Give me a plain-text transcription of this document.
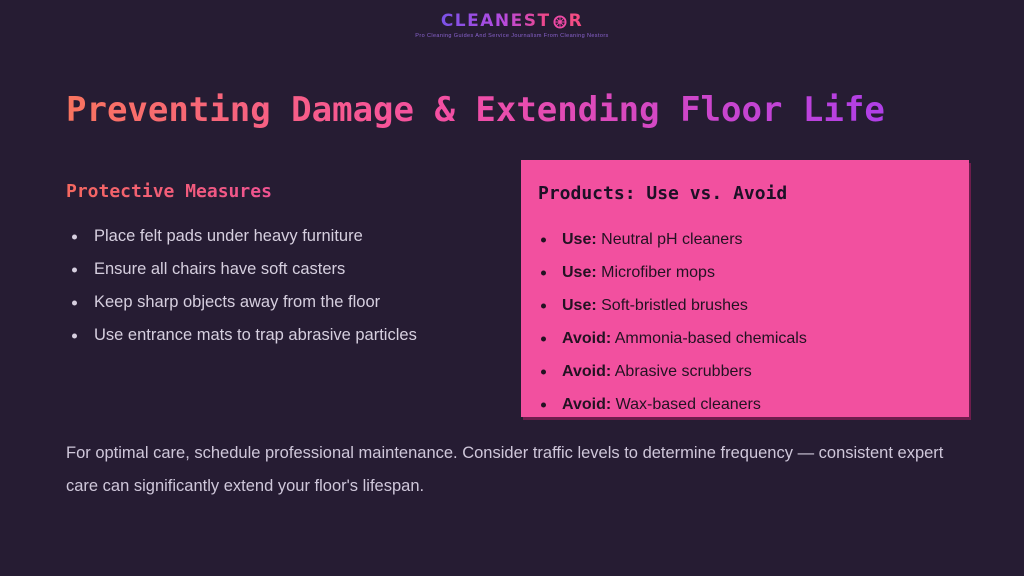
CLEANEST R
Pro Cleaning Guides And Service Journalism From Cleaning Nestors
Preventing Damage & Extending Floor Life
Protective Measures
Place felt pads under heavy furniture
Ensure all chairs have soft casters
Keep sharp objects away from the floor
Use entrance mats to trap abrasive particles
Products: Use vs. Avoid
Use: Neutral pH cleaners
Use: Microfiber mops
Use: Soft-bristled brushes
Avoid: Ammonia-based chemicals
Avoid: Abrasive scrubbers
Avoid: Wax-based cleaners

For optimal care, schedule professional maintenance. Consider traffic levels to determine frequency — consistent expert care can significantly extend your floor's lifespan.
